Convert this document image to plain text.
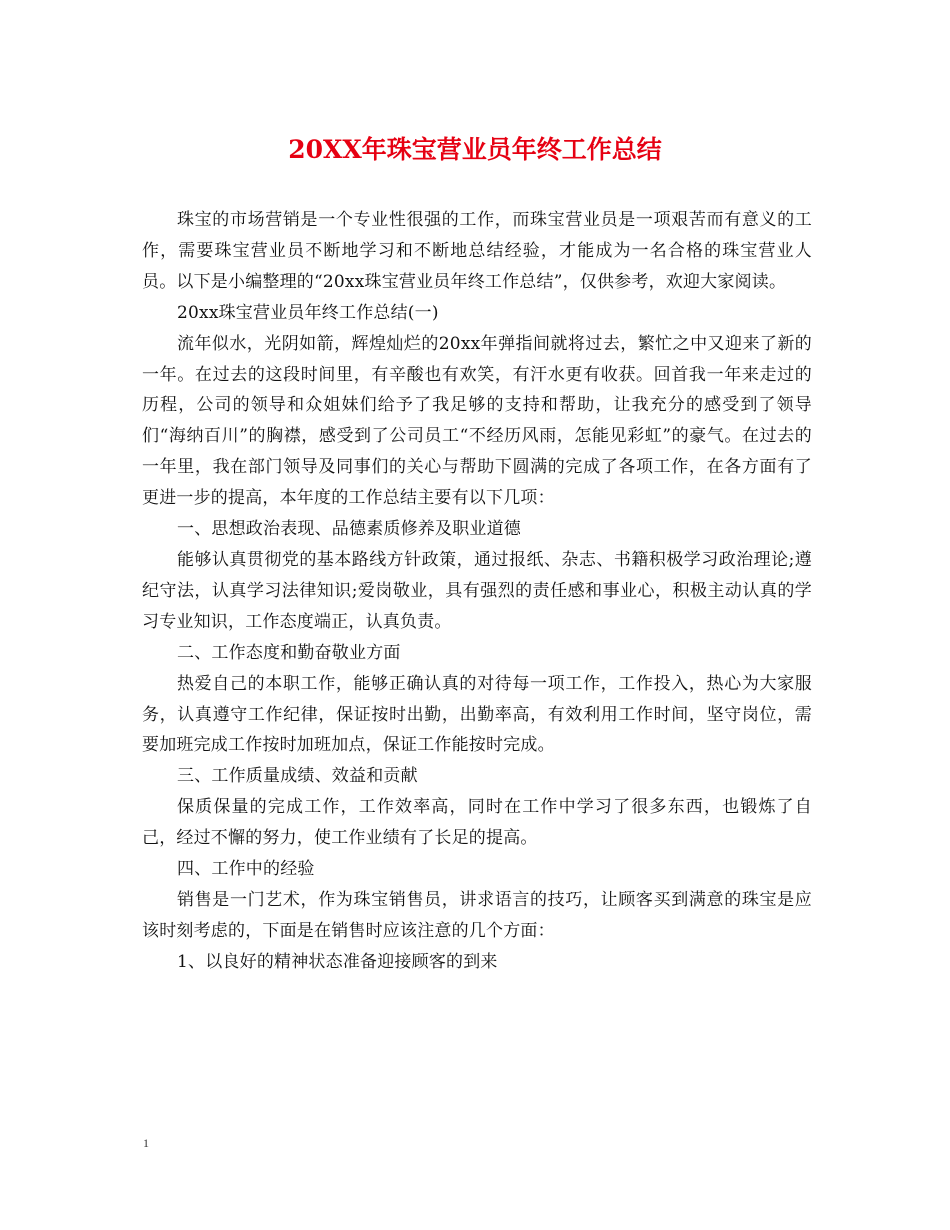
20XX年珠宝营业员年终工作总结

珠宝的市场营销是一个专业性很强的工作，而珠宝营业员是一项艰苦而有意义的工作，需要珠宝营业员不断地学习和不断地总结经验，才能成为一名合格的珠宝营业人员。以下是小编整理的“20xx珠宝营业员年终工作总结”，仅供参考，欢迎大家阅读。

20xx珠宝营业员年终工作总结(一)

流年似水，光阴如箭，辉煌灿烂的20xx年弹指间就将过去，繁忙之中又迎来了新的一年。在过去的这段时间里，有辛酸也有欢笑，有汗水更有收获。回首我一年来走过的历程，公司的领导和众姐妹们给予了我足够的支持和帮助，让我充分的感受到了领导们“海纳百川”的胸襟，感受到了公司员工“不经历风雨，怎能见彩虹”的豪气。在过去的一年里，我在部门领导及同事们的关心与帮助下圆满的完成了各项工作，在各方面有了更进一步的提高，本年度的工作总结主要有以下几项：

一、思想政治表现、品德素质修养及职业道德

能够认真贯彻党的基本路线方针政策，通过报纸、杂志、书籍积极学习政治理论;遵纪守法，认真学习法律知识;爱岗敬业，具有强烈的责任感和事业心，积极主动认真的学习专业知识，工作态度端正，认真负责。

二、工作态度和勤奋敬业方面

热爱自己的本职工作，能够正确认真的对待每一项工作，工作投入，热心为大家服务，认真遵守工作纪律，保证按时出勤，出勤率高，有效利用工作时间，坚守岗位，需要加班完成工作按时加班加点，保证工作能按时完成。

三、工作质量成绩、效益和贡献

保质保量的完成工作，工作效率高，同时在工作中学习了很多东西，也锻炼了自己，经过不懈的努力，使工作业绩有了长足的提高。

四、工作中的经验

销售是一门艺术，作为珠宝销售员，讲求语言的技巧，让顾客买到满意的珠宝是应该时刻考虑的，下面是在销售时应该注意的几个方面：

1、以良好的精神状态准备迎接顾客的到来

1
